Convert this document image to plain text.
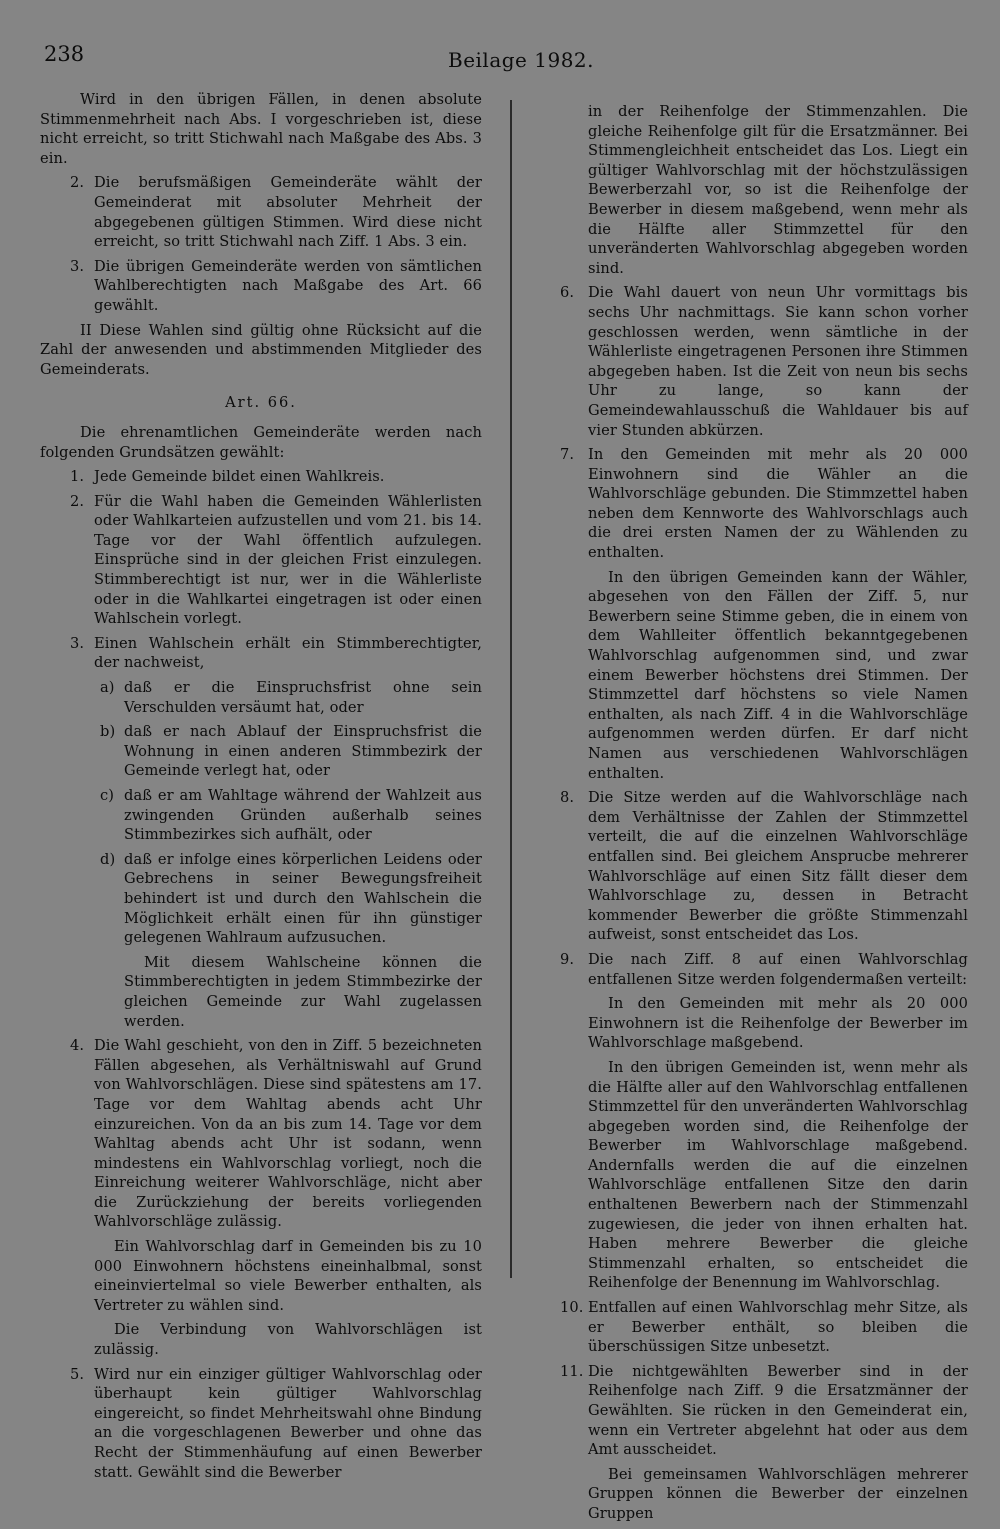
238	Beilage 1982.

Wird in den übrigen Fällen, in denen absolute Stimmenmehrheit nach Abs. I vorgeschrieben ist, diese nicht erreicht, so tritt Stichwahl nach Maßgabe des Abs. 3 ein.

2. Die berufsmäßigen Gemeinderäte wählt der Gemeinderat mit absoluter Mehrheit der abgegebenen gültigen Stimmen. Wird diese nicht erreicht, so tritt Stichwahl nach Ziff. 1 Abs. 3 ein.
3. Die übrigen Gemeinderäte werden von sämtlichen Wahlberechtigten nach Maßgabe des Art. 66 gewählt.

II Diese Wahlen sind gültig ohne Rücksicht auf die Zahl der anwesenden und abstimmenden Mitglieder des Gemeinderats.

Art. 66.

Die ehrenamtlichen Gemeinderäte werden nach folgenden Grundsätzen gewählt:

1. Jede Gemeinde bildet einen Wahlkreis.
2. Für die Wahl haben die Gemeinden Wählerlisten oder Wahlkarteien aufzustellen und vom 21. bis 14. Tage vor der Wahl öffentlich aufzulegen. Einsprüche sind in der gleichen Frist einzulegen. Stimmberechtigt ist nur, wer in die Wählerliste oder in die Wahlkartei eingetragen ist oder einen Wahlschein vorlegt.
3. Einen Wahlschein erhält ein Stimmberechtigter, der nachweist,
a) daß er die Einspruchsfrist ohne sein Verschulden versäumt hat, oder
b) daß er nach Ablauf der Einspruchsfrist die Wohnung in einen anderen Stimmbezirk der Gemeinde verlegt hat, oder
c) daß er am Wahltage während der Wahlzeit aus zwingenden Gründen außerhalb seines Stimmbezirkes sich aufhält, oder
d) daß er infolge eines körperlichen Leidens oder Gebrechens in seiner Bewegungsfreiheit behindert ist und durch den Wahlschein die Möglichkeit erhält einen für ihn günstiger gelegenen Wahlraum aufzusuchen.

Mit diesem Wahlscheine können die Stimmberechtigten in jedem Stimmbezirke der gleichen Gemeinde zur Wahl zugelassen werden.

4. Die Wahl geschieht, von den in Ziff. 5 bezeichneten Fällen abgesehen, als Verhältniswahl auf Grund von Wahlvorschlägen. Diese sind spätestens am 17. Tage vor dem Wahltag abends acht Uhr einzureichen. Von da an bis zum 14. Tage vor dem Wahltag abends acht Uhr ist sodann, wenn mindestens ein Wahlvorschlag vorliegt, noch die Einreichung weiterer Wahlvorschläge, nicht aber die Zurückziehung der bereits vorliegenden Wahlvorschläge zulässig.

Ein Wahlvorschlag darf in Gemeinden bis zu 10 000 Einwohnern höchstens eineinhalbmal, sonst eineinviertelmal so viele Bewerber enthalten, als Vertreter zu wählen sind.

Die Verbindung von Wahlvorschlägen ist zulässig.

5. Wird nur ein einziger gültiger Wahlvorschlag oder überhaupt kein gültiger Wahlvorschlag eingereicht, so findet Mehrheitswahl ohne Bindung an die vorgeschlagenen Bewerber und ohne das Recht der Stimmenhäufung auf einen Bewerber statt. Gewählt sind die Bewerber

in der Reihenfolge der Stimmenzahlen. Die gleiche Reihenfolge gilt für die Ersatzmänner. Bei Stimmengleichheit entscheidet das Los. Liegt ein gültiger Wahlvorschlag mit der höchstzulässigen Bewerberzahl vor, so ist die Reihenfolge der Bewerber in diesem maßgebend, wenn mehr als die Hälfte aller Stimmzettel für den unveränderten Wahlvorschlag abgegeben worden sind.

6. Die Wahl dauert von neun Uhr vormittags bis sechs Uhr nachmittags. Sie kann schon vorher geschlossen werden, wenn sämtliche in der Wählerliste eingetragenen Personen ihre Stimmen abgegeben haben. Ist die Zeit von neun bis sechs Uhr zu lange, so kann der Gemeindewahlausschuß die Wahldauer bis auf vier Stunden abkürzen.
7. In den Gemeinden mit mehr als 20 000 Einwohnern sind die Wähler an die Wahlvorschläge gebunden. Die Stimmzettel haben neben dem Kennworte des Wahlvorschlags auch die drei ersten Namen der zu Wählenden zu enthalten.

In den übrigen Gemeinden kann der Wähler, abgesehen von den Fällen der Ziff. 5, nur Bewerbern seine Stimme geben, die in einem von dem Wahlleiter öffentlich bekanntgegebenen Wahlvorschlag aufgenommen sind, und zwar einem Bewerber höchstens drei Stimmen. Der Stimmzettel darf höchstens so viele Namen enthalten, als nach Ziff. 4 in die Wahlvorschläge aufgenommen werden dürfen. Er darf nicht Namen aus verschiedenen Wahlvorschlägen enthalten.

8. Die Sitze werden auf die Wahlvorschläge nach dem Verhältnisse der Zahlen der Stimmzettel verteilt, die auf die einzelnen Wahlvorschläge entfallen sind. Bei gleichem Ansprucbe mehrerer Wahlvorschläge auf einen Sitz fällt dieser dem Wahlvorschlage zu, dessen in Betracht kommender Bewerber die größte Stimmenzahl aufweist, sonst entscheidet das Los.
9. Die nach Ziff. 8 auf einen Wahlvorschlag entfallenen Sitze werden folgendermaßen verteilt:

In den Gemeinden mit mehr als 20 000 Einwohnern ist die Reihenfolge der Bewerber im Wahlvorschlage maßgebend.

In den übrigen Gemeinden ist, wenn mehr als die Hälfte aller auf den Wahlvorschlag entfallenen Stimmzettel für den unveränderten Wahlvorschlag abgegeben worden sind, die Reihenfolge der Bewerber im Wahlvorschlage maßgebend. Andernfalls werden die auf die einzelnen Wahlvorschläge entfallenen Sitze den darin enthaltenen Bewerbern nach der Stimmenzahl zugewiesen, die jeder von ihnen erhalten hat. Haben mehrere Bewerber die gleiche Stimmenzahl erhalten, so entscheidet die Reihenfolge der Benennung im Wahlvorschlag.

10. Entfallen auf einen Wahlvorschlag mehr Sitze, als er Bewerber enthält, so bleiben die überschüssigen Sitze unbesetzt.
11. Die nichtgewählten Bewerber sind in der Reihenfolge nach Ziff. 9 die Ersatzmänner der Gewählten. Sie rücken in den Gemeinderat ein, wenn ein Vertreter abgelehnt hat oder aus dem Amt ausscheidet.

Bei gemeinsamen Wahlvorschlägen mehrerer Gruppen können die Bewerber der einzelnen Gruppen
